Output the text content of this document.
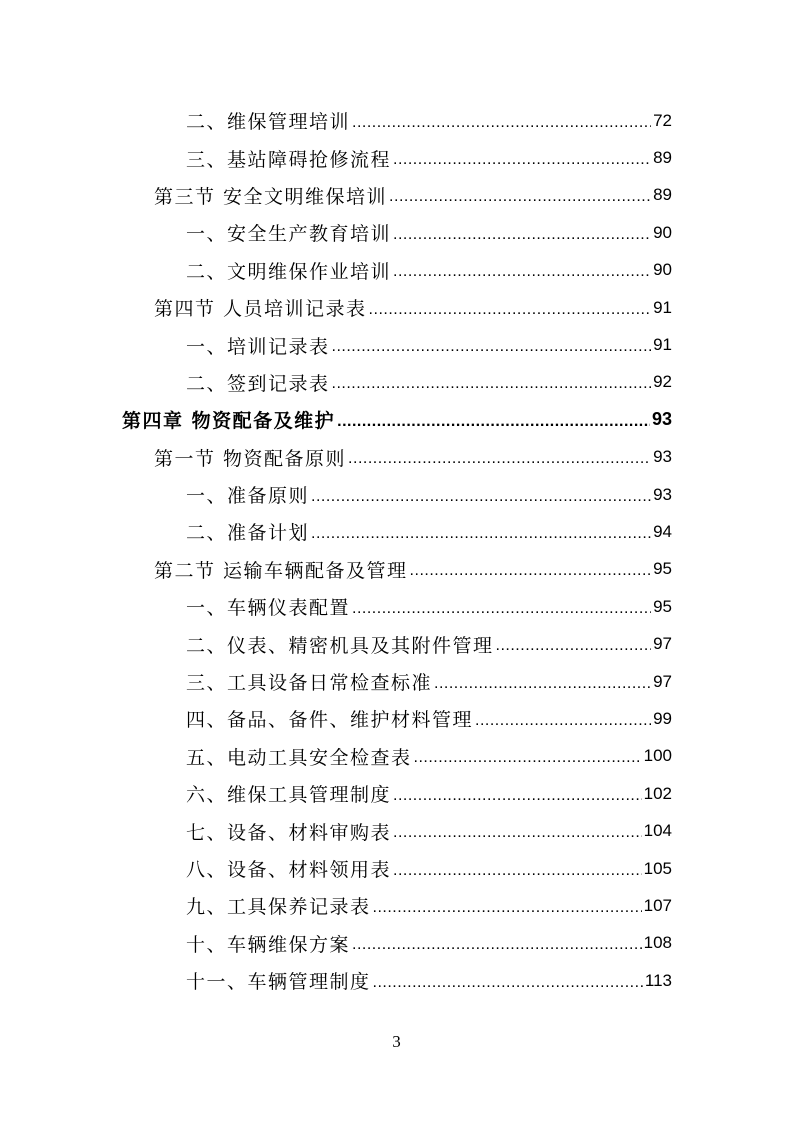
二、维保管理培训 .....	72
三、基站障碍抢修流程 .....	89
第三节 安全文明维保培训 .....	89
一、安全生产教育培训 .....	90
二、文明维保作业培训 .....	90
第四节 人员培训记录表 .....	91
一、培训记录表 .....	91
二、签到记录表 .....	92
第四章 物资配备及维护 .....	93
第一节 物资配备原则 .....	93
一、准备原则 .....	93
二、准备计划 .....	94
第二节 运输车辆配备及管理 .....	95
一、车辆仪表配置 .....	95
二、仪表、精密机具及其附件管理 .....	97
三、工具设备日常检查标准 .....	97
四、备品、备件、维护材料管理 .....	99
五、电动工具安全检查表 .....	100
六、维保工具管理制度 .....	102
七、设备、材料审购表 .....	104
八、设备、材料领用表 .....	105
九、工具保养记录表 .....	107
十、车辆维保方案 .....	108
十一、车辆管理制度 .....	113
3
